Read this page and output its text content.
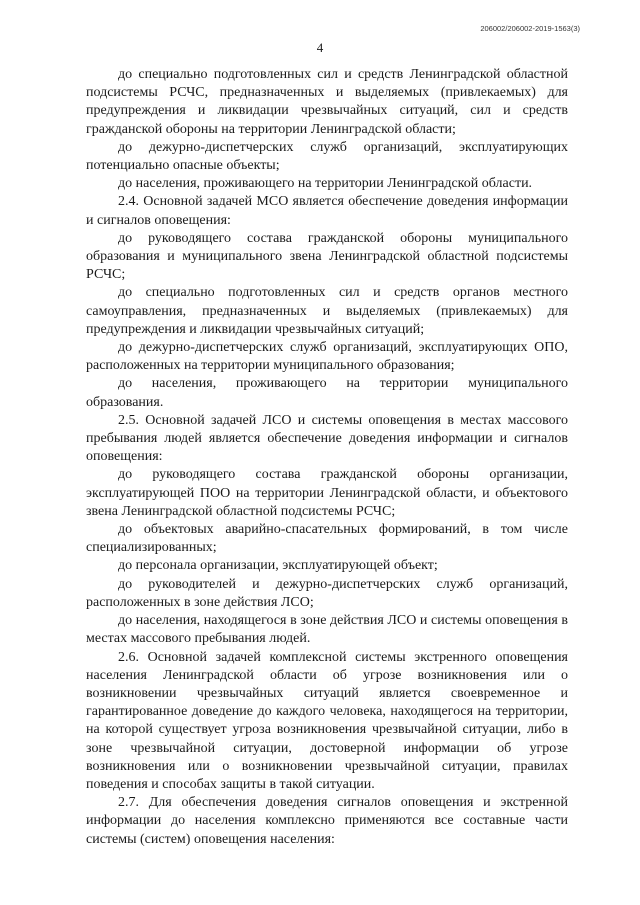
206002/206002-2019-1563(3)
4

до специально подготовленных сил и средств Ленинградской областной подсистемы РСЧС, предназначенных и выделяемых (привлекаемых) для предупреждения и ликвидации чрезвычайных ситуаций, сил и средств гражданской обороны на территории Ленинградской области;

до дежурно-диспетчерских служб организаций, эксплуатирующих потенциально опасные объекты;

до населения, проживающего на территории Ленинградской области.

2.4. Основной задачей МСО является обеспечение доведения информации и сигналов оповещения:

до руководящего состава гражданской обороны муниципального образования и муниципального звена Ленинградской областной подсистемы РСЧС;

до специально подготовленных сил и средств органов местного самоуправления, предназначенных и выделяемых (привлекаемых) для предупреждения и ликвидации чрезвычайных ситуаций;

до дежурно-диспетчерских служб организаций, эксплуатирующих ОПО, расположенных на территории муниципального образования;

до населения, проживающего на территории муниципального образования.

2.5. Основной задачей ЛСО и системы оповещения в местах массового пребывания людей является обеспечение доведения информации и сигналов оповещения:

до руководящего состава гражданской обороны организации, эксплуатирующей ПОО на территории Ленинградской области, и объектового звена Ленинградской областной подсистемы РСЧС;

до объектовых аварийно-спасательных формирований, в том числе специализированных;

до персонала организации, эксплуатирующей объект;

до руководителей и дежурно-диспетчерских служб организаций, расположенных в зоне действия ЛСО;

до населения, находящегося в зоне действия ЛСО и системы оповещения в местах массового пребывания людей.

2.6. Основной задачей комплексной системы экстренного оповещения населения Ленинградской области об угрозе возникновения или о возникновении чрезвычайных ситуаций является своевременное и гарантированное доведение до каждого человека, находящегося на территории, на которой существует угроза возникновения чрезвычайной ситуации, либо в зоне чрезвычайной ситуации, достоверной информации об угрозе возникновения или о возникновении чрезвычайной ситуации, правилах поведения и способах защиты в такой ситуации.

2.7. Для обеспечения доведения сигналов оповещения и экстренной информации до населения комплексно применяются все составные части системы (систем) оповещения населения:
